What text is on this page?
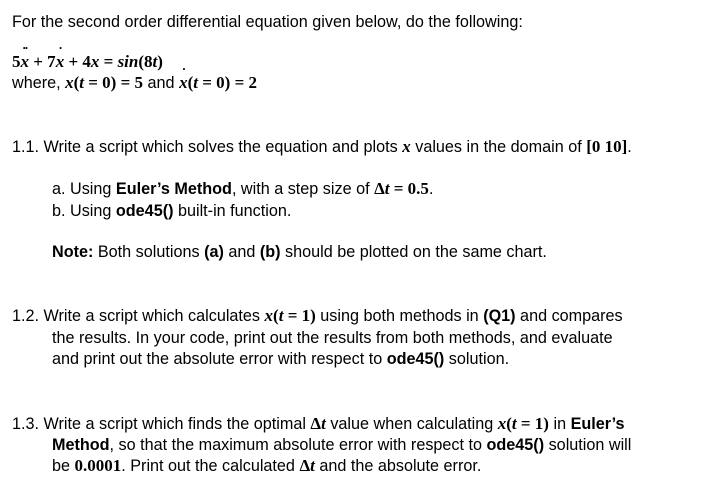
For the second order differential equation given below, do the following:
5·· x + 7· x + 4x = sin(8t)
where, x(t = 0) = 5 and · x(t = 0) = 2
1.1. Write a script which solves the equation and plots x values in the domain of [0 10].
a. Using Euler’s Method, with a step size of Δt = 0.5.
b. Using ode45() built-in function.
Note: Both solutions (a) and (b) should be plotted on the same chart.
1.2. Write a script which calculates x(t = 1) using both methods in (Q1) and compares
the results. In your code, print out the results from both methods, and evaluate
and print out the absolute error with respect to ode45() solution.
1.3. Write a script which finds the optimal Δt value when calculating x(t = 1) in Euler’s
Method, so that the maximum absolute error with respect to ode45() solution will
be 0.0001. Print out the calculated Δt and the absolute error.
